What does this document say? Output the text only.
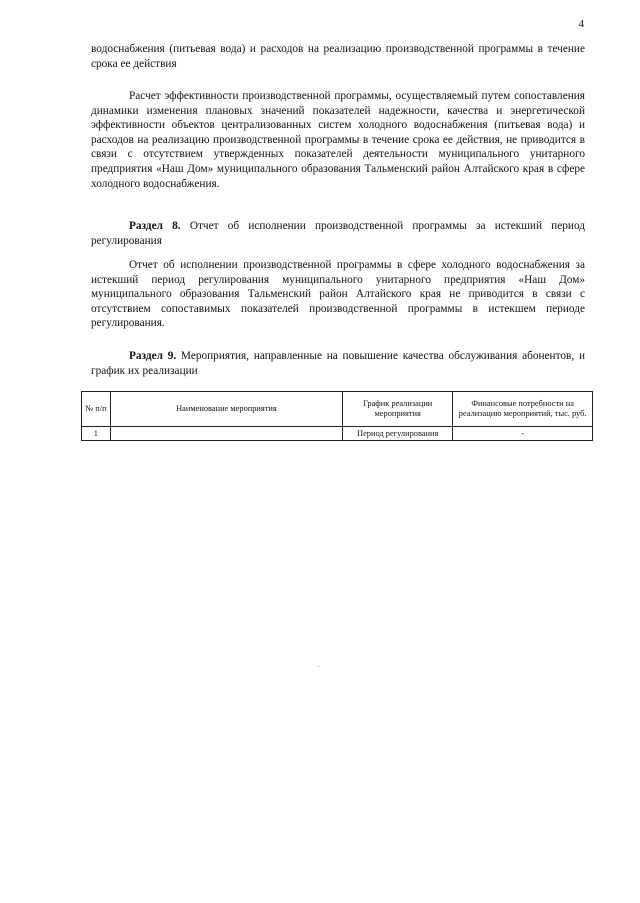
4

водоснабжения (питьевая вода) и расходов на реализацию производственной программы в течение срока ее действия

Расчет эффективности производственной программы, осуществляемый путем сопоставления динамики изменения плановых значений показателей надежности, качества и энергетической эффективности объектов централизованных систем холодного водоснабжения (питьевая вода) и расходов на реализацию производственной программы в течение срока ее действия, не приводится в связи с отсутствием утвержденных показателей деятельности муниципального унитарного предприятия «Наш Дом» муниципального образования Тальменский район Алтайского края в сфере холодного водоснабжения.

Раздел 8. Отчет об исполнении производственной программы за истекший период регулирования

Отчет об исполнении производственной программы в сфере холодного водоснабжения за истекший период регулирования муниципального унитарного предприятия «Наш Дом» муниципального образования Тальменский район Алтайского края не приводится в связи с отсутствием сопоставимых показателей производственной программы в истекшем периоде регулирования.

Раздел 9. Мероприятия, направленные на повышение качества обслуживания абонентов, и график их реализации

№ п/п	Наименование мероприятия	График реализации мероприятия	Финансовые потребности на реализацию мероприятий, тыс. руб.
1		Период регулирования	-
